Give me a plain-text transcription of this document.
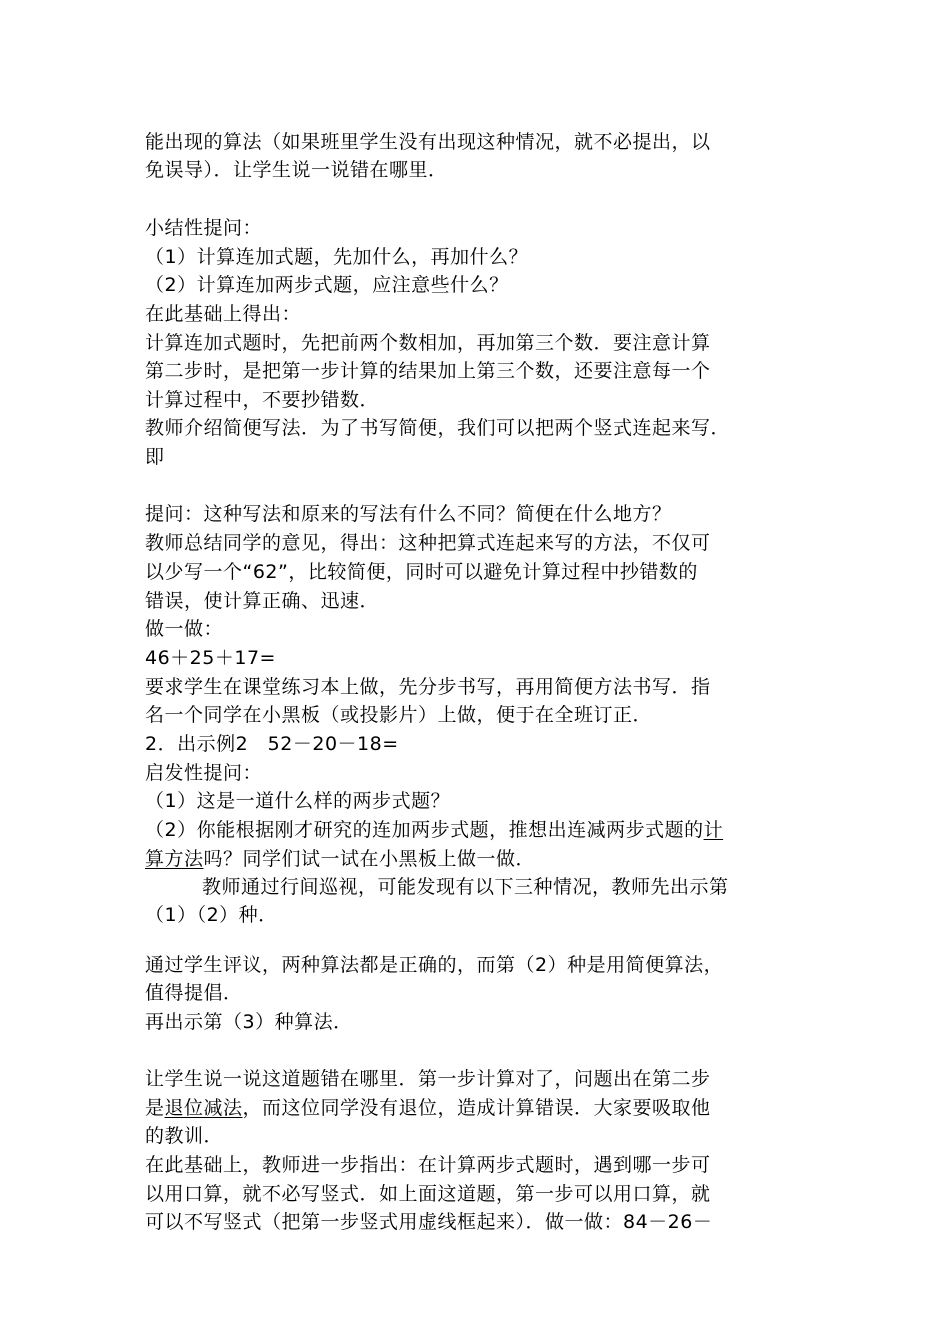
能出现的算法（如果班里学生没有出现这种情况，就不必提出，以
免误导）．让学生说一说错在哪里．
小结性提问：
（1）计算连加式题，先加什么，再加什么？
（2）计算连加两步式题，应注意些什么？
在此基础上得出：
计算连加式题时，先把前两个数相加，再加第三个数．要注意计算
第二步时，是把第一步计算的结果加上第三个数，还要注意每一个
计算过程中，不要抄错数．
教师介绍简便写法．为了书写简便，我们可以把两个竖式连起来写．
即
提问：这种写法和原来的写法有什么不同？简便在什么地方？
教师总结同学的意见，得出：这种把算式连起来写的方法，不仅可
以少写一个“62”，比较简便，同时可以避免计算过程中抄错数的
错误，使计算正确、迅速．
做一做：
46＋25＋17=
要求学生在课堂练习本上做，先分步书写，再用简便方法书写．指
名一个同学在小黑板（或投影片）上做，便于在全班订正．
2．出示例2　52－20－18=
启发性提问：
（1）这是一道什么样的两步式题？
（2）你能根据刚才研究的连加两步式题，推想出连减两步式题的计
算方法吗？同学们试一试在小黑板上做一做．
教师通过行间巡视，可能发现有以下三种情况，教师先出示第
（1）（2）种．
通过学生评议，两种算法都是正确的，而第（2）种是用简便算法，
值得提倡．
再出示第（3）种算法．
让学生说一说这道题错在哪里．第一步计算对了，问题出在第二步
是退位减法，而这位同学没有退位，造成计算错误．大家要吸取他
的教训．
在此基础上，教师进一步指出：在计算两步式题时，遇到哪一步可
以用口算，就不必写竖式．如上面这道题，第一步可以用口算，就
可以不写竖式（把第一步竖式用虚线框起来）．做一做：84－26－
